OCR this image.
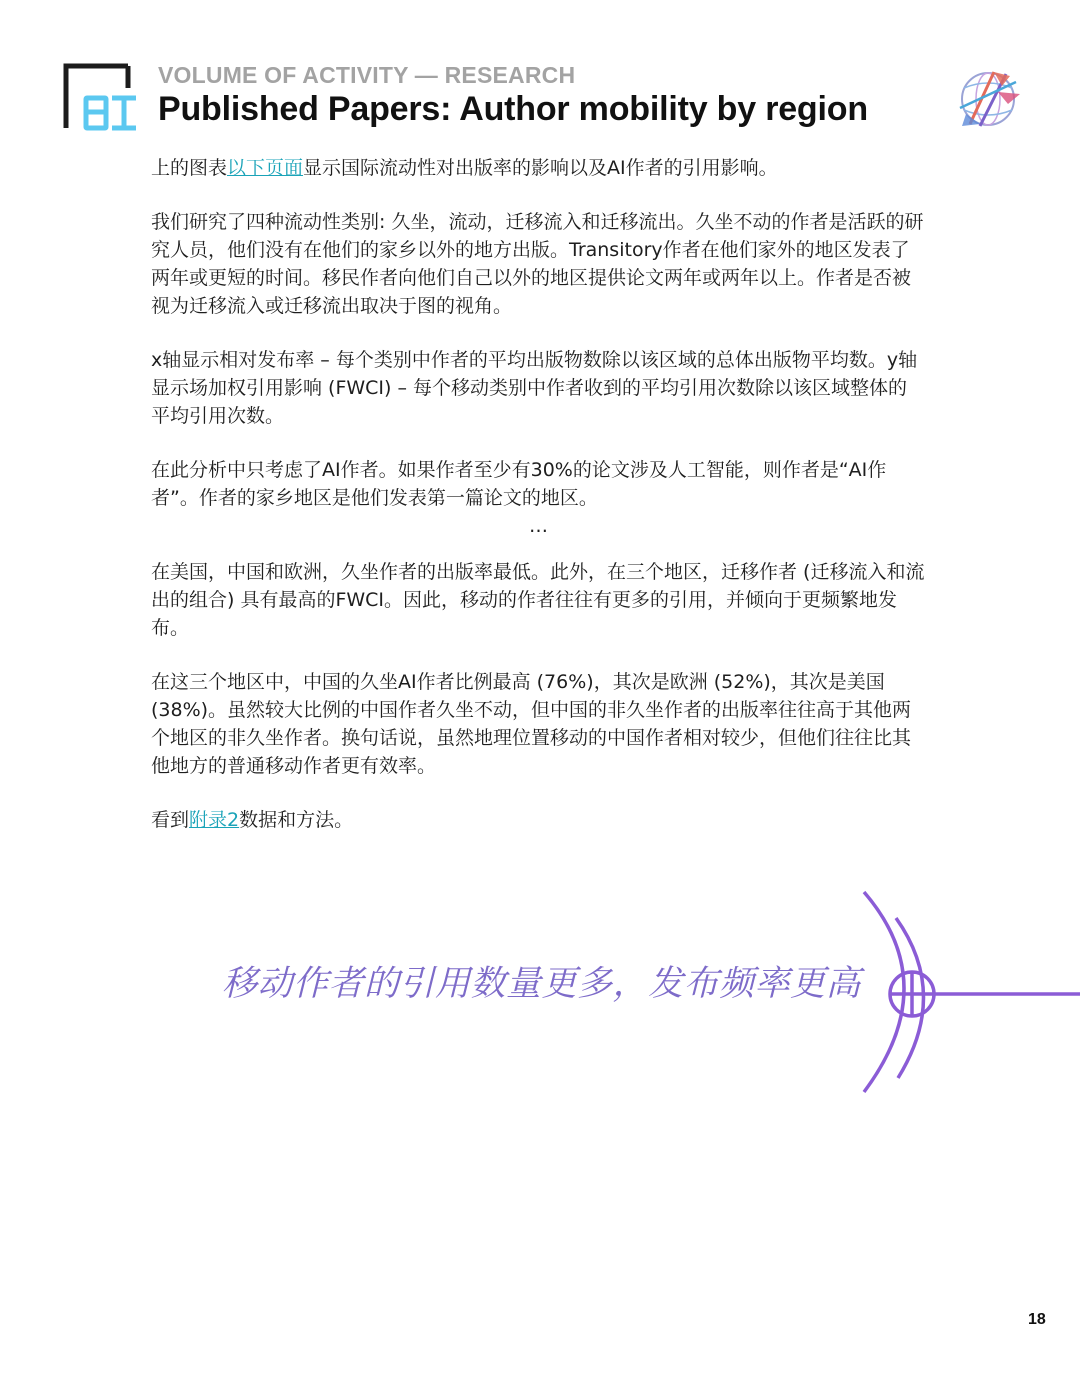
VOLUME OF ACTIVITY — RESEARCH
Published Papers: Author mobility by region

上的图表以下页面显示国际流动性对出版率的影响以及AI作者的引用影响。

我们研究了四种流动性类别: 久坐，流动，迁移流入和迁移流出。久坐不动的作者是活跃的研究人员，他们没有在他们的家乡以外的地方出版。Transitory作者在他们家外的地区发表了两年或更短的时间。移民作者向他们自己以外的地区提供论文两年或两年以上。作者是否被视为迁移流入或迁移流出取决于图的视角。

x轴显示相对发布率 – 每个类别中作者的平均出版物数除以该区域的总体出版物平均数。y轴显示场加权引用影响 (FWCI) – 每个移动类别中作者收到的平均引用次数除以该区域整体的平均引用次数。

在此分析中只考虑了AI作者。如果作者至少有30%的论文涉及人工智能，则作者是“AI作者”。作者的家乡地区是他们发表第一篇论文的地区。

…

在美国，中国和欧洲，久坐作者的出版率最低。此外，在三个地区，迁移作者 (迁移流入和流出的组合) 具有最高的FWCI。因此，移动的作者往往有更多的引用，并倾向于更频繁地发布。

在这三个地区中，中国的久坐AI作者比例最高 (76%)，其次是欧洲 (52%)，其次是美国 (38%)。虽然较大比例的中国作者久坐不动，但中国的非久坐作者的出版率往往高于其他两个地区的非久坐作者。换句话说，虽然地理位置移动的中国作者相对较少，但他们往往比其他地方的普通移动作者更有效率。

看到附录2数据和方法。

移动作者的引用数量更多，发布频率更高
18
